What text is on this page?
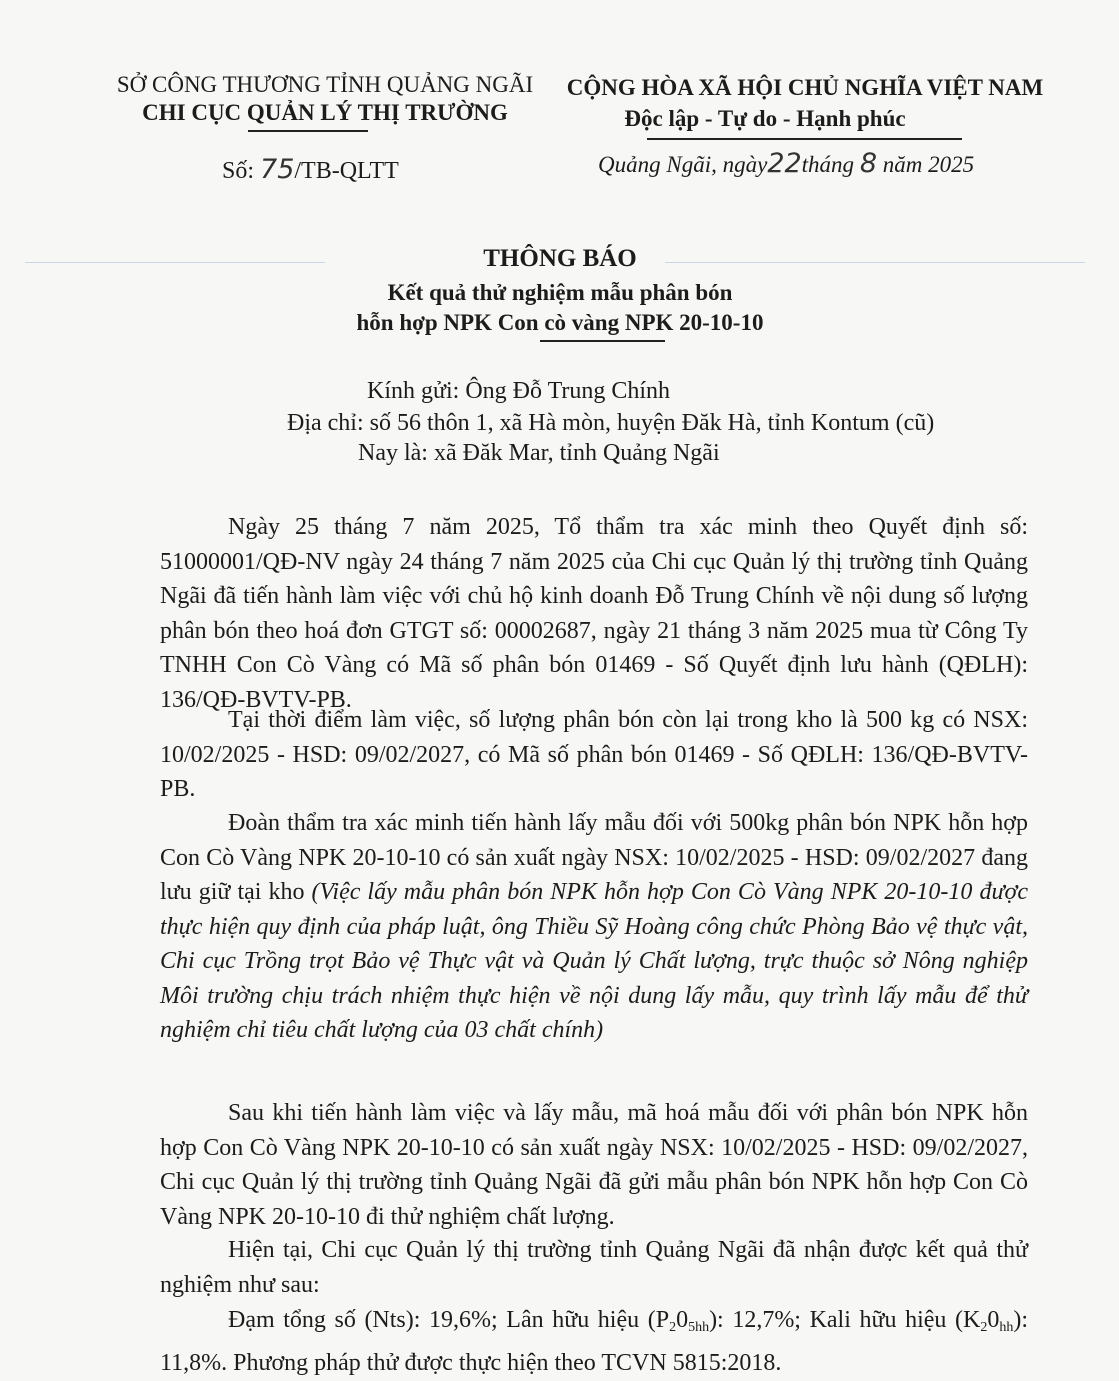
SỞ CÔNG THƯƠNG TỈNH QUẢNG NGÃI
CHI CỤC QUẢN LÝ THỊ TRƯỜNG
Số: 75/TB-QLTT
CỘNG HÒA XÃ HỘI CHỦ NGHĨA VIỆT NAM
Độc lập - Tự do - Hạnh phúc
Quảng Ngãi, ngày22tháng 8 năm 2025
THÔNG BÁO
Kết quả thử nghiệm mẫu phân bón
hỗn hợp NPK Con cò vàng NPK 20-10-10
Kính gửi: Ông Đỗ Trung Chính
Địa chỉ: số 56 thôn 1, xã Hà mòn, huyện Đăk Hà, tỉnh Kontum (cũ)
Nay là: xã Đăk Mar, tỉnh Quảng Ngãi

Ngày 25 tháng 7 năm 2025, Tổ thẩm tra xác minh theo Quyết định số: 51000001/QĐ-NV ngày 24 tháng 7 năm 2025 của Chi cục Quản lý thị trường tỉnh Quảng Ngãi đã tiến hành làm việc với chủ hộ kinh doanh Đỗ Trung Chính về nội dung số lượng phân bón theo hoá đơn GTGT số: 00002687, ngày 21 tháng 3 năm 2025 mua từ Công Ty TNHH Con Cò Vàng có Mã số phân bón 01469 - Số Quyết định lưu hành (QĐLH): 136/QĐ-BVTV-PB.

Tại thời điểm làm việc, số lượng phân bón còn lại trong kho là 500 kg có NSX: 10/02/2025 - HSD: 09/02/2027, có Mã số phân bón 01469 - Số QĐLH: 136/QĐ-BVTV-PB.

Đoàn thẩm tra xác minh tiến hành lấy mẫu đối với 500kg phân bón NPK hỗn hợp Con Cò Vàng NPK 20-10-10 có sản xuất ngày NSX: 10/02/2025 - HSD: 09/02/2027 đang lưu giữ tại kho (Việc lấy mẫu phân bón NPK hỗn hợp Con Cò Vàng NPK 20-10-10 được thực hiện quy định của pháp luật, ông Thiều Sỹ Hoàng công chức Phòng Bảo vệ thực vật, Chi cục Trồng trọt Bảo vệ Thực vật và Quản lý Chất lượng, trực thuộc sở Nông nghiệp Môi trường chịu trách nhiệm thực hiện về nội dung lấy mẫu, quy trình lấy mẫu để thử nghiệm chỉ tiêu chất lượng của 03 chất chính)

Sau khi tiến hành làm việc và lấy mẫu, mã hoá mẫu đối với phân bón NPK hỗn hợp Con Cò Vàng NPK 20-10-10 có sản xuất ngày NSX: 10/02/2025 - HSD: 09/02/2027, Chi cục Quản lý thị trường tỉnh Quảng Ngãi đã gửi mẫu phân bón NPK hỗn hợp Con Cò Vàng NPK 20-10-10 đi thử nghiệm chất lượng.

Hiện tại, Chi cục Quản lý thị trường tỉnh Quảng Ngãi đã nhận được kết quả thử nghiệm như sau:

Đạm tổng số (Nts): 19,6%; Lân hữu hiệu $(P_20_{5hh})$: 12,7%; Kali hữu hiệu $(K_20_{hh})$: 11,8%. Phương pháp thử được thực hiện theo TCVN 5815:2018.
